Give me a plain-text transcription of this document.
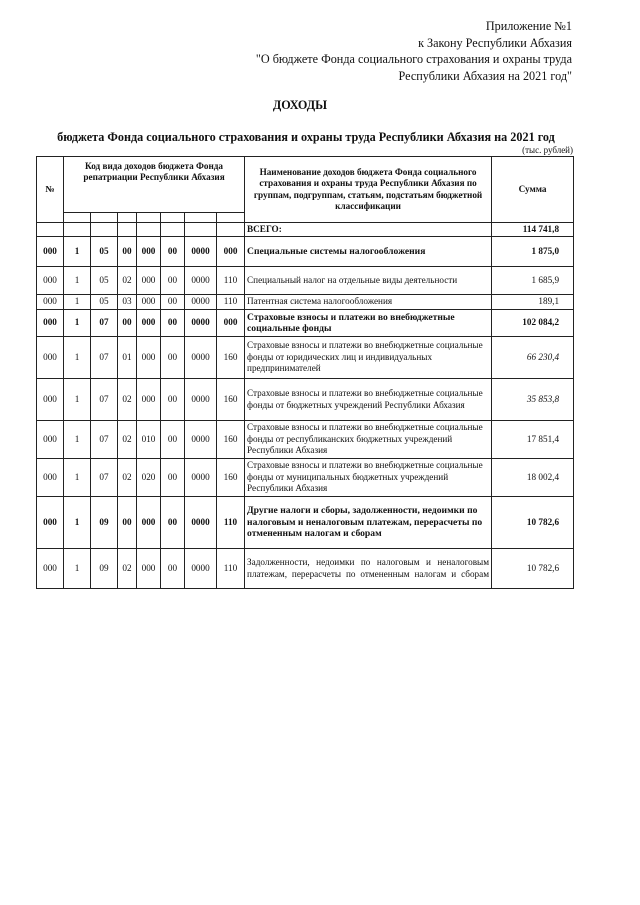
Приложение №1
к Закону Республики Абхазия
"О бюджете Фонда социального страхования и охраны труда
Республики Абхазия на 2021 год"
ДОХОДЫ
бюджета Фонда социального страхования и охраны труда Республики Абхазия на 2021 год
(тыс. рублей)
№	Код вида доходов бюджета Фонда репатриации Республики Абхазия							Наименование доходов бюджета Фонда социального страхования и охраны труда Республики Абхазия по группам, подгруппам, статьям, подстатьям бюджетной классификации	Сумма

								ВСЕГО:	114 741,8
000	1	05	00	000	00	0000	000	Специальные системы налогообложения	1 875,0
000	1	05	02	000	00	0000	110	Специальный налог на отдельные виды деятельности	1 685,9
000	1	05	03	000	00	0000	110	Патентная система налогообложения	189,1
000	1	07	00	000	00	0000	000	Страховые взносы и платежи во внебюджетные социальные фонды	102 084,2
000	1	07	01	000	00	0000	160	Страховые взносы и платежи во внебюджетные социальные фонды от юридических лиц и индивидуальных предпринимателей	66 230,4
000	1	07	02	000	00	0000	160	Страховые взносы и платежи во внебюджетные социальные фонды от бюджетных учреждений Республики Абхазия	35 853,8
000	1	07	02	010	00	0000	160	Страховые взносы и платежи во внебюджетные социальные фонды от республиканских бюджетных учреждений Республики Абхазия	17 851,4
000	1	07	02	020	00	0000	160	Страховые взносы и платежи во внебюджетные социальные фонды от муниципальных бюджетных учреждений Республики Абхазия	18 002,4
000	1	09	00	000	00	0000	110	Другие налоги и сборы, задолженности, недоимки по налоговым и неналоговым платежам, перерасчеты по отмененным налогам и сборам	10 782,6
000	1	09	02	000	00	0000	110	Задолженности, недоимки по налоговым и неналоговым платежам, перерасчеты по отмененным налогам и сборам	10 782,6
